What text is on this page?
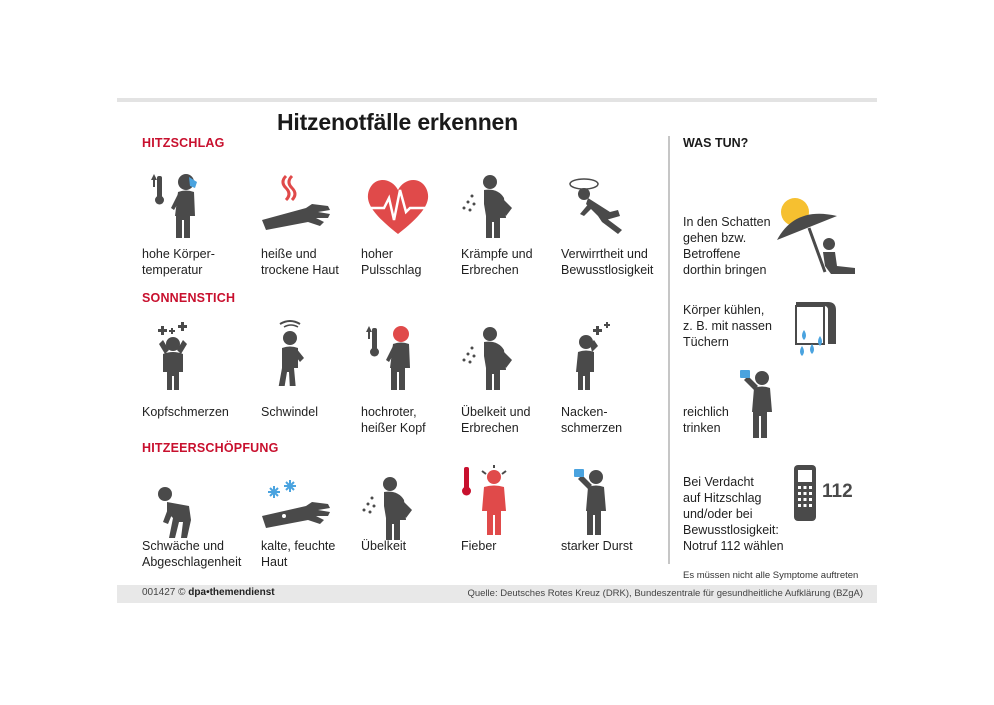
Hitzenotfälle erkennen
HITZSCHLAG
SONNENSTICH
HITZEERSCHÖPFUNG
hohe Körper-
temperatur
heiße und
trockene Haut
hoher
Pulsschlag
Krämpfe und
Erbrechen
Verwirrtheit und
Bewusstlosigkeit
Kopfschmerzen	Schwindel	hochroter,
heißer Kopf
Übelkeit und
Erbrechen
Nacken-
schmerzen
Schwäche und
Abgeschlagenheit
kalte, feuchte
Haut
Übelkeit	Fieber	starker Durst
WAS TUN?
In den Schatten
gehen bzw.
Betroffene
dorthin bringen
Körper kühlen,
z. B. mit nassen
Tüchern
reichlich
trinken
Bei Verdacht
auf Hitzschlag
und/oder bei
Bewusstlosigkeit:
Notruf 112 wählen
112
Es müssen nicht alle Symptome auftreten
001427 © dpa•themendienst	Quelle: Deutsches Rotes Kreuz (DRK), Bundeszentrale für gesundheitliche Aufklärung (BZgA)
